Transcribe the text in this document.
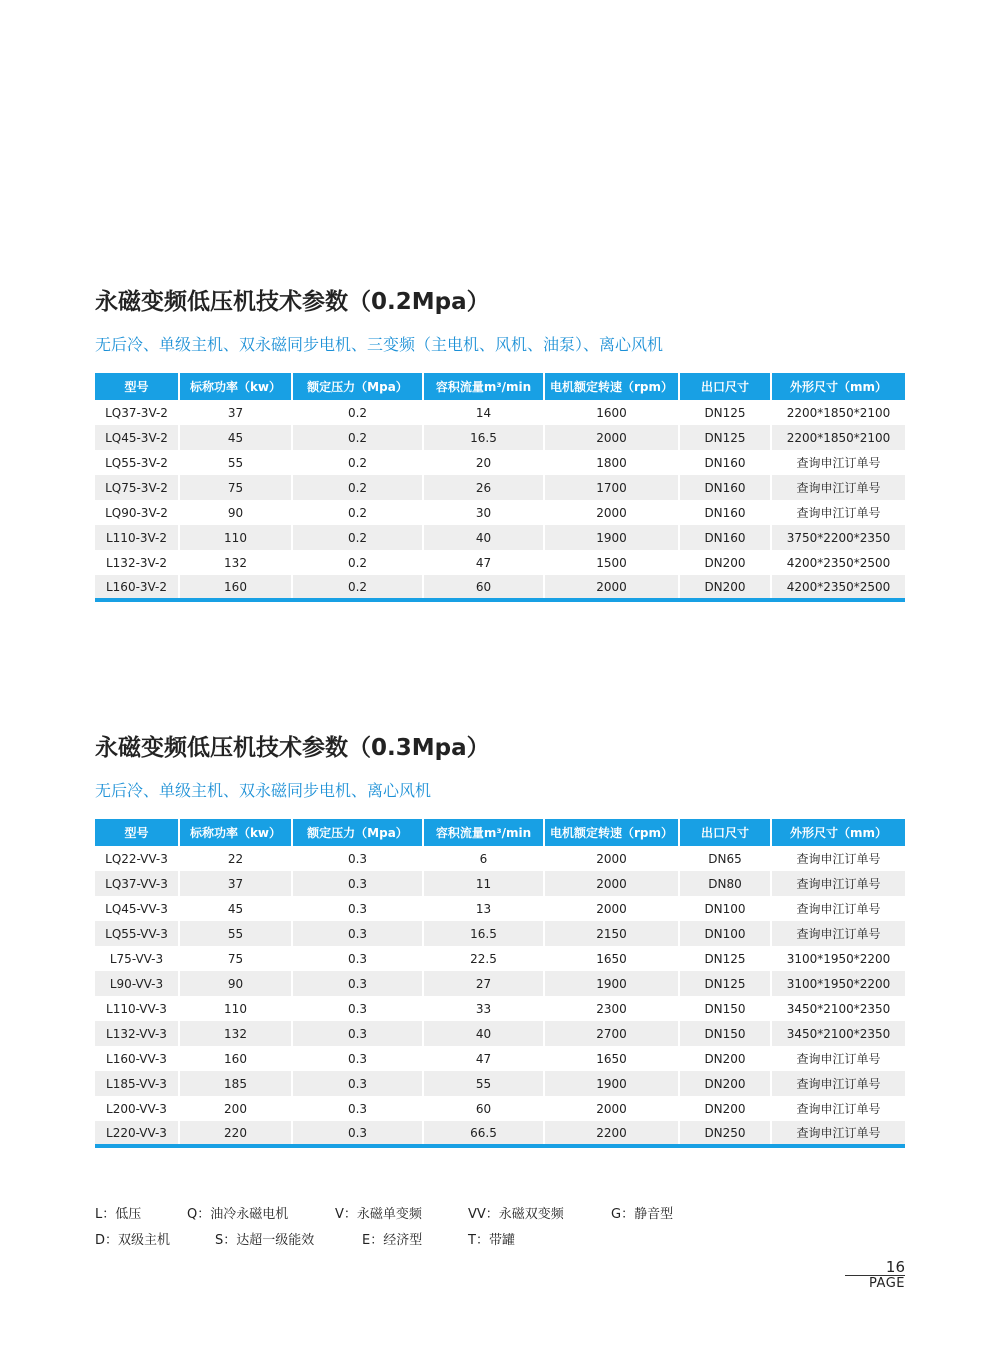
永磁变频低压机技术参数（0.2Mpa）
无后冷、单级主机、双永磁同步电机、三变频（主电机、风机、油泵）、离心风机
型号	标称功率（kw）	额定压力（Mpa）	容积流量m³/min	电机额定转速（rpm）	出口尺寸	外形尺寸（mm）
LQ37-3V-2	37	0.2	14	1600	DN125	2200*1850*2100
LQ45-3V-2	45	0.2	16.5	2000	DN125	2200*1850*2100
LQ55-3V-2	55	0.2	20	1800	DN160	查询申江订单号
LQ75-3V-2	75	0.2	26	1700	DN160	查询申江订单号
LQ90-3V-2	90	0.2	30	2000	DN160	查询申江订单号
L110-3V-2	110	0.2	40	1900	DN160	3750*2200*2350
L132-3V-2	132	0.2	47	1500	DN200	4200*2350*2500
L160-3V-2	160	0.2	60	2000	DN200	4200*2350*2500
永磁变频低压机技术参数（0.3Mpa）
无后冷、单级主机、双永磁同步电机、离心风机
型号	标称功率（kw）	额定压力（Mpa）	容积流量m³/min	电机额定转速（rpm）	出口尺寸	外形尺寸（mm）
LQ22-VV-3	22	0.3	6	2000	DN65	查询申江订单号
LQ37-VV-3	37	0.3	11	2000	DN80	查询申江订单号
LQ45-VV-3	45	0.3	13	2000	DN100	查询申江订单号
LQ55-VV-3	55	0.3	16.5	2150	DN100	查询申江订单号
L75-VV-3	75	0.3	22.5	1650	DN125	3100*1950*2200
L90-VV-3	90	0.3	27	1900	DN125	3100*1950*2200
L110-VV-3	110	0.3	33	2300	DN150	3450*2100*2350
L132-VV-3	132	0.3	40	2700	DN150	3450*2100*2350
L160-VV-3	160	0.3	47	1650	DN200	查询申江订单号
L185-VV-3	185	0.3	55	1900	DN200	查询申江订单号
L200-VV-3	200	0.3	60	2000	DN200	查询申江订单号
L220-VV-3	220	0.3	66.5	2200	DN250	查询申江订单号
L：低压	Q：油冷永磁电机	V：永磁单变频	VV：永磁双变频	G：静音型
D：双级主机	S：达超一级能效	E：经济型	T：带罐
16
PAGE
